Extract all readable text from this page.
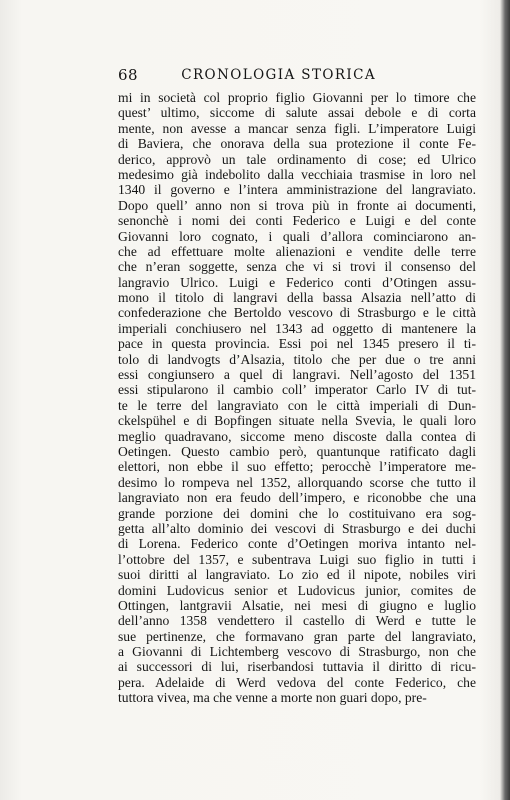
68	CRONOLOGIA STORICA
mi in società col proprio figlio Giovanni per lo timore che
quest’ ultimo, siccome di salute assai debole e di corta
mente, non avesse a mancar senza figli. L’imperatore Luigi
di Baviera, che onorava della sua protezione il conte Fe-
derico, approvò un tale ordinamento di cose; ed Ulrico
medesimo già indebolito dalla vecchiaia trasmise in loro nel
1340 il governo e l’intera amministrazione del langraviato.
Dopo quell’ anno non si trova più in fronte ai documenti,
senonchè i nomi dei conti Federico e Luigi e del conte
Giovanni loro cognato, i quali d’allora cominciarono an-
che ad effettuare molte alienazioni e vendite delle terre
che n’eran soggette, senza che vi si trovi il consenso del
langravio Ulrico. Luigi e Federico conti d’Otingen assu-
mono il titolo di langravi della bassa Alsazia nell’atto di
confederazione che Bertoldo vescovo di Strasburgo e le città
imperiali conchiusero nel 1343 ad oggetto di mantenere la
pace in questa provincia. Essi poi nel 1345 presero il ti-
tolo di landvogts d’Alsazia, titolo che per due o tre anni
essi congiunsero a quel di langravi. Nell’agosto del 1351
essi stipularono il cambio coll’ imperator Carlo IV di tut-
te le terre del langraviato con le città imperiali di Dun-
ckelspühel e di Bopfingen situate nella Svevia, le quali loro
meglio quadravano, siccome meno discoste dalla contea di
Oetingen. Questo cambio però, quantunque ratificato dagli
elettori, non ebbe il suo effetto; perocchè l’imperatore me-
desimo lo rompeva nel 1352, allorquando scorse che tutto il
langraviato non era feudo dell’impero, e riconobbe che una
grande porzione dei domini che lo costituivano era sog-
getta all’alto dominio dei vescovi di Strasburgo e dei duchi
di Lorena. Federico conte d’Oetingen moriva intanto nel-
l’ottobre del 1357, e subentrava Luigi suo figlio in tutti i
suoi diritti al langraviato. Lo zio ed il nipote, nobiles viri
domini Ludovicus senior et Ludovicus junior, comites de
Ottingen, lantgravii Alsatie, nei mesi di giugno e luglio
dell’anno 1358 vendettero il castello di Werd e tutte le
sue pertinenze, che formavano gran parte del langraviato,
a Giovanni di Lichtemberg vescovo di Strasburgo, non che
ai successori di lui, riserbandosi tuttavia il diritto di ricu-
pera. Adelaide di Werd vedova del conte Federico, che
tuttora vivea, ma che venne a morte non guari dopo, pre-
